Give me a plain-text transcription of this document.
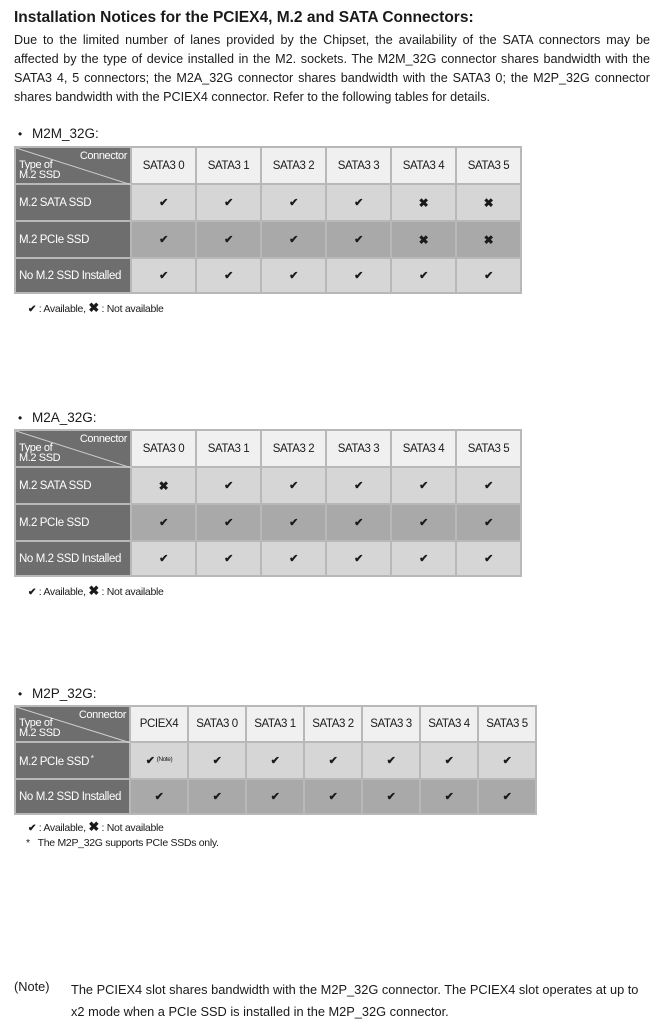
Installation Notices for the PCIEX4, M.2 and SATA Connectors:
Due to the limited number of lanes provided by the Chipset, the availability of the SATA connectors may be affected by the type of device installed in the M2. sockets. The M2M_32G connector shares bandwidth with the SATA3 4, 5 connectors; the M2A_32G connector shares bandwidth with the SATA3 0; the M2P_32G connector shares bandwidth with the PCIEX4 connector. Refer to the following tables for details.
• M2M_32G:
Connector
Type of
M.2 SSD	SATA3 0	SATA3 1	SATA3 2	SATA3 3	SATA3 4	SATA3 5
M.2 SATA SSD	✔	✔	✔	✔	✖	✖
M.2 PCIe SSD	✔	✔	✔	✔	✖	✖
No M.2 SSD Installed	✔	✔	✔	✔	✔	✔
✔ : Available, ✖ : Not available
• M2A_32G:
Connector
Type of
M.2 SSD	SATA3 0	SATA3 1	SATA3 2	SATA3 3	SATA3 4	SATA3 5
M.2 SATA SSD	✖	✔	✔	✔	✔	✔
M.2 PCIe SSD	✔	✔	✔	✔	✔	✔
No M.2 SSD Installed	✔	✔	✔	✔	✔	✔
✔ : Available, ✖ : Not available
• M2P_32G:
Connector
Type of
M.2 SSD	PCIEX4	SATA3 0	SATA3 1	SATA3 2	SATA3 3	SATA3 4	SATA3 5
M.2 PCIe SSD *	✔ $^{(Note)}$	✔	✔	✔	✔	✔	✔
No M.2 SSD Installed	✔	✔	✔	✔	✔	✔	✔
✔ : Available, ✖ : Not available
* The M2P_32G supports PCIe SSDs only.
(Note) The PCIEX4 slot shares bandwidth with the M2P_32G connector. The PCIEX4 slot operates at up to x2 mode when a PCIe SSD is installed in the M2P_32G connector.
